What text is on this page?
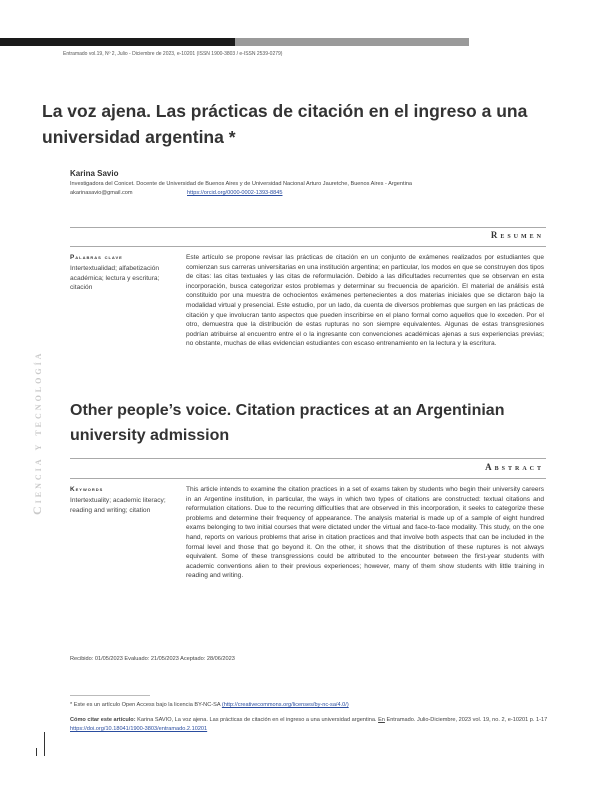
Entramado vol.19, Nº 2, Julio - Diciembre de 2023, e-10201 (ISSN 1900-3803 / e-ISSN 2539-0279)
Ciencia y tecnología
La voz ajena. Las prácticas de citación en el ingreso a una universidad argentina *
Karina Savio
Investigadora del Conicet. Docente de Universidad de Buenos Aires y de Universidad Nacional Arturo Jauretche, Buenos Aires - Argentina
akarinasavio@gmail.com	https://orcid.org/0000-0002-1393-8845
Resumen
Palabras clave
Intertextualidad; alfabetización académica; lectura y escritura; citación
Este artículo se propone revisar las prácticas de citación en un conjunto de exámenes realizados por estudiantes que comienzan sus carreras universitarias en una institución argentina; en particular, los modos en que se construyen dos tipos de citas: las citas textuales y las citas de reformulación. Debido a las dificultades recurrentes que se observan en esta incorporación, busca categorizar estos problemas y determinar su frecuencia de aparición. El material de análisis está constituido por una muestra de ochocientos exámenes pertenecientes a dos materias iniciales que se dictaron bajo la modalidad virtual y presencial. Este estudio, por un lado, da cuenta de diversos problemas que surgen en las prácticas de citación y que involucran tanto aspectos que pueden inscribirse en el plano formal como aquellos que lo exceden. Por el otro, demuestra que la distribución de estas rupturas no son siempre equivalentes. Algunas de estas transgresiones podrían atribuirse al encuentro entre el o la ingresante con convenciones académicas ajenas a sus experiencias previas; no obstante, muchas de ellas evidencian estudiantes con escaso entrenamiento en la lectura y la escritura.
Other people’s voice. Citation practices at an Argentinian university admission
Abstract
Keywords
Intertextuality; academic literacy; reading and writing; citation
This article intends to examine the citation practices in a set of exams taken by students who begin their university careers in an Argentine institution, in particular, the ways in which two types of citations are constructed: textual citations and reformulation citations. Due to the recurring difficulties that are observed in this incorporation, it seeks to categorize these problems and determine their frequency of appearance. The analysis material is made up of a sample of eight hundred exams belonging to two initial courses that were dictated under the virtual and face-to-face modality. This study, on the one hand, reports on various problems that arise in citation practices and that involve both aspects that can be included in the formal level and those that go beyond it. On the other, it shows that the distribution of these ruptures is not always equivalent. Some of these transgressions could be attributed to the encounter between the first-year students with academic conventions alien to their previous experiences; however, many of them show students with little training in reading and writing.
Recibido: 01/05/2023 Evaluado: 21/05/2023 Aceptado: 28/06/2023
* Este es un artículo Open Access bajo la licencia BY-NC-SA (http://creativecommons.org/licenses/by-nc-sa/4.0/)
Cómo citar este artículo: Karina SAVIO, La voz ajena. Las prácticas de citación en el ingreso a una universidad argentina. En Entramado. Julio-Diciembre, 2023 vol. 19, no. 2, e-10201 p. 1-17 https://doi.org/10.18041/1900-3803/entramado.2.10201
